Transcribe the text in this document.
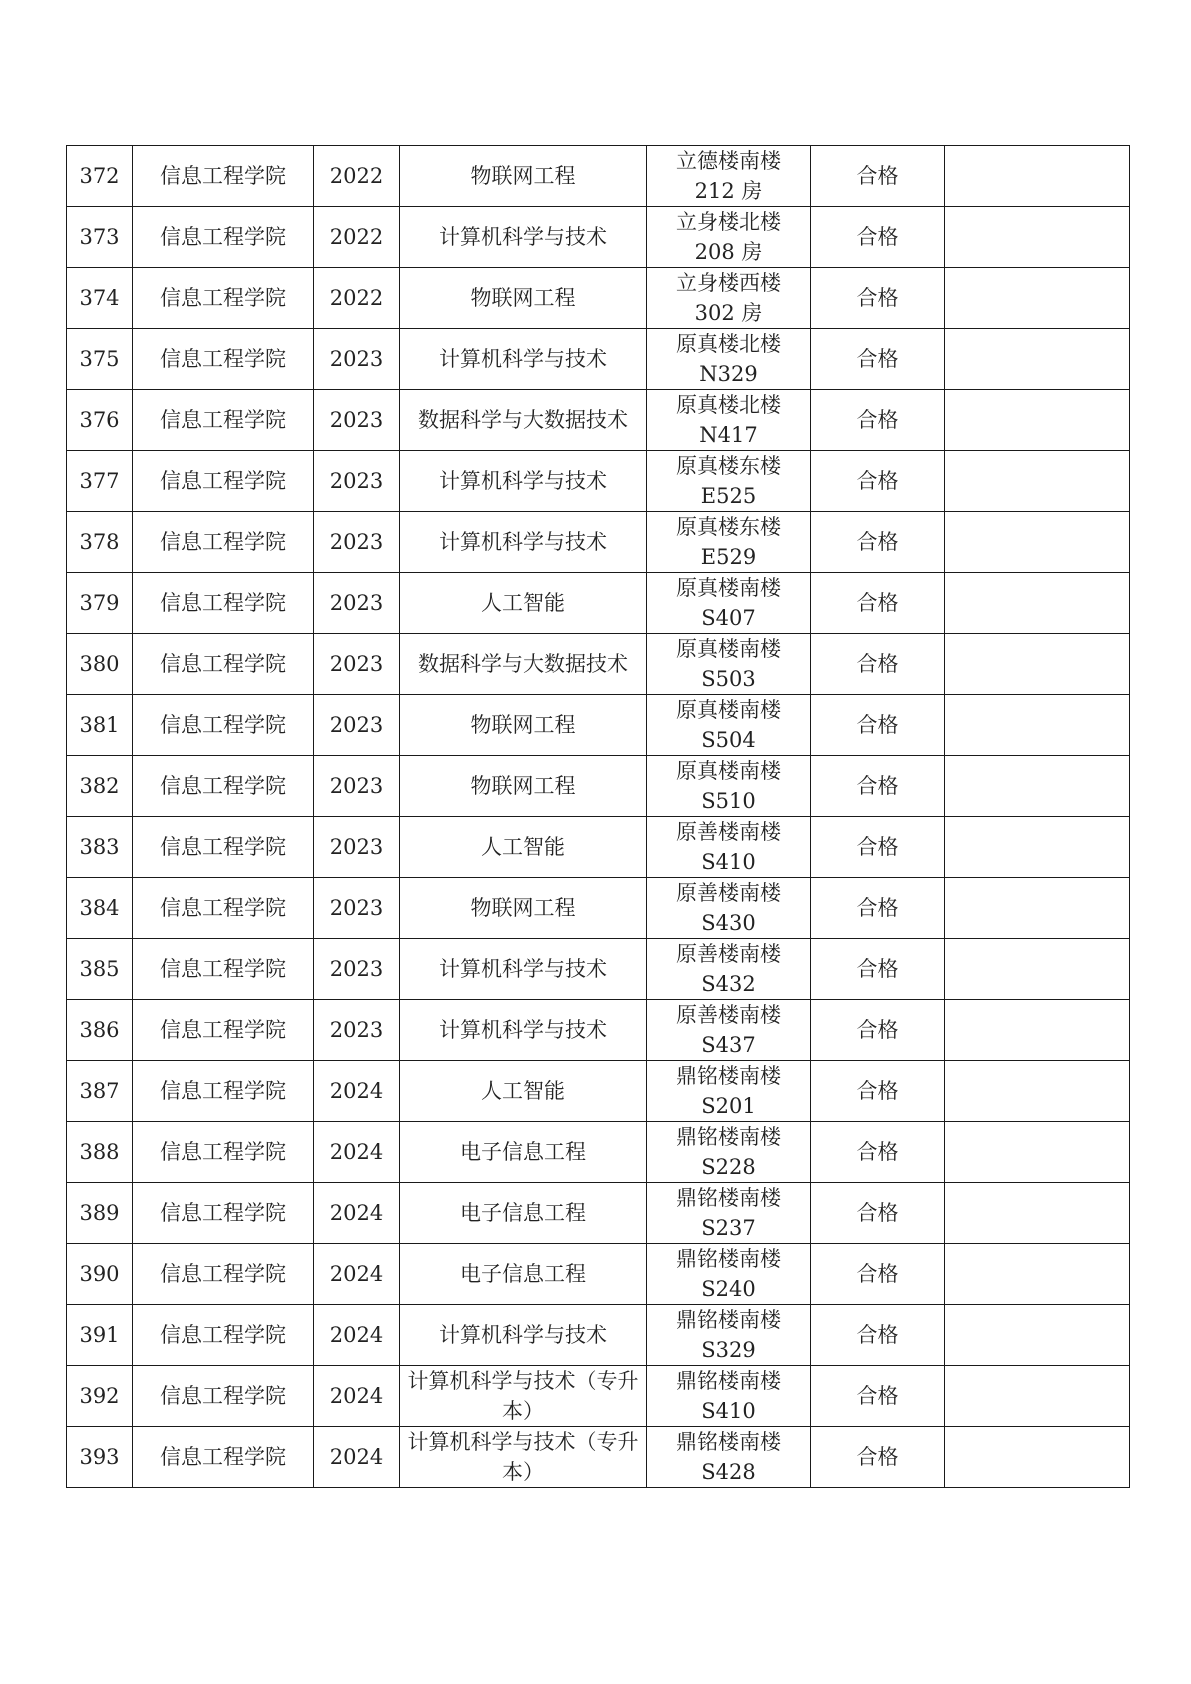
372	信息工程学院	2022	物联网工程	立德楼南楼
212 房	合格	
373	信息工程学院	2022	计算机科学与技术	立身楼北楼
208 房	合格	
374	信息工程学院	2022	物联网工程	立身楼西楼
302 房	合格	
375	信息工程学院	2023	计算机科学与技术	原真楼北楼
N329	合格	
376	信息工程学院	2023	数据科学与大数据技术	原真楼北楼
N417	合格	
377	信息工程学院	2023	计算机科学与技术	原真楼东楼
E525	合格	
378	信息工程学院	2023	计算机科学与技术	原真楼东楼
E529	合格	
379	信息工程学院	2023	人工智能	原真楼南楼
S407	合格	
380	信息工程学院	2023	数据科学与大数据技术	原真楼南楼
S503	合格	
381	信息工程学院	2023	物联网工程	原真楼南楼
S504	合格	
382	信息工程学院	2023	物联网工程	原真楼南楼
S510	合格	
383	信息工程学院	2023	人工智能	原善楼南楼
S410	合格	
384	信息工程学院	2023	物联网工程	原善楼南楼
S430	合格	
385	信息工程学院	2023	计算机科学与技术	原善楼南楼
S432	合格	
386	信息工程学院	2023	计算机科学与技术	原善楼南楼
S437	合格	
387	信息工程学院	2024	人工智能	鼎铭楼南楼
S201	合格	
388	信息工程学院	2024	电子信息工程	鼎铭楼南楼
S228	合格	
389	信息工程学院	2024	电子信息工程	鼎铭楼南楼
S237	合格	
390	信息工程学院	2024	电子信息工程	鼎铭楼南楼
S240	合格	
391	信息工程学院	2024	计算机科学与技术	鼎铭楼南楼
S329	合格	
392	信息工程学院	2024	计算机科学与技术（专升本）	鼎铭楼南楼
S410	合格	
393	信息工程学院	2024	计算机科学与技术（专升本）	鼎铭楼南楼
S428	合格	
